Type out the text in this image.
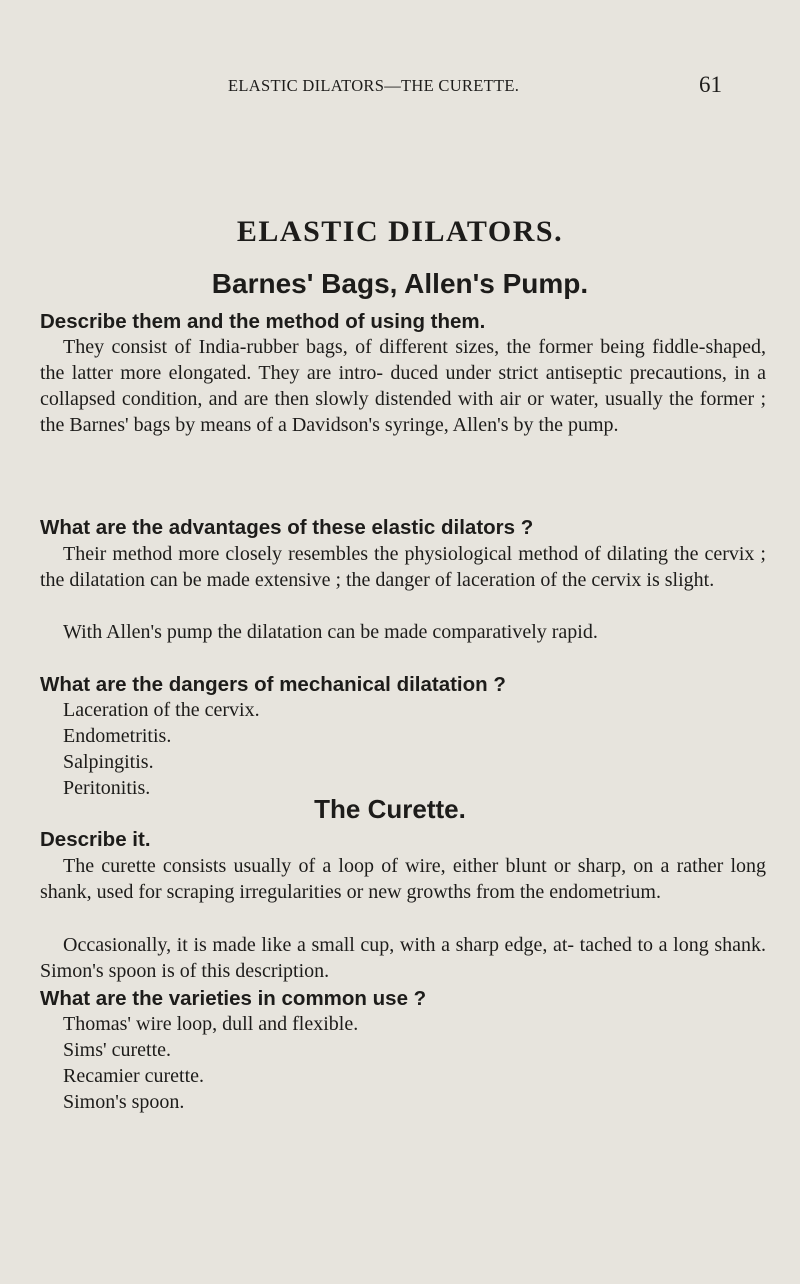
ELASTIC DILATORS—THE CURETTE.	61
ELASTIC DILATORS.
Barnes' Bags, Allen's Pump.
Describe them and the method of using them.

They consist of India-rubber bags, of different sizes, the former being fiddle-shaped, the latter more elongated. They are intro- duced under strict antiseptic precautions, in a collapsed condition, and are then slowly distended with air or water, usually the former ; the Barnes' bags by means of a Davidson's syringe, Allen's by the pump.

What are the advantages of these elastic dilators ?

Their method more closely resembles the physiological method of dilating the cervix ; the dilatation can be made extensive ; the danger of laceration of the cervix is slight.

With Allen's pump the dilatation can be made comparatively rapid.

What are the dangers of mechanical dilatation ?
Laceration of the cervix.
Endometritis.
Salpingitis.
Peritonitis.
The Curette.
Describe it.

The curette consists usually of a loop of wire, either blunt or sharp, on a rather long shank, used for scraping irregularities or new growths from the endometrium.

Occasionally, it is made like a small cup, with a sharp edge, at- tached to a long shank. Simon's spoon is of this description.

What are the varieties in common use ?
Thomas' wire loop, dull and flexible.
Sims' curette.
Recamier curette.
Simon's spoon.
